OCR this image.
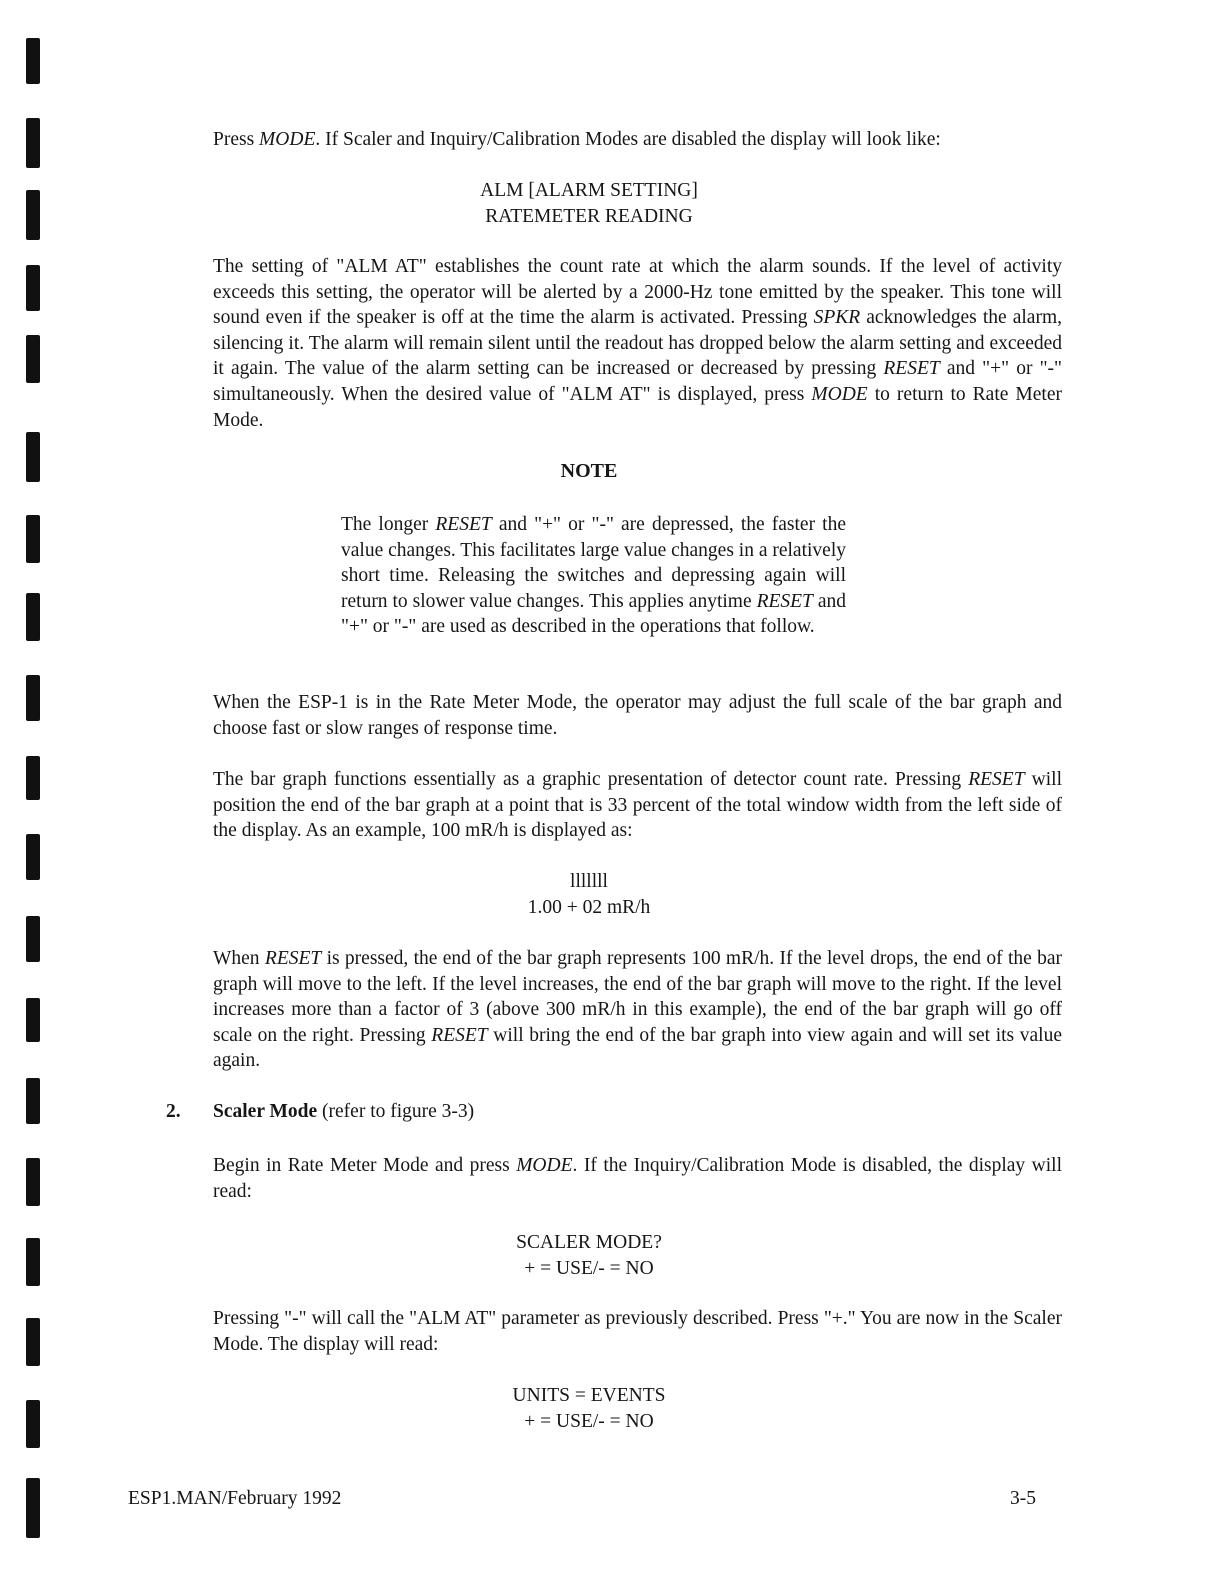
Press MODE. If Scaler and Inquiry/Calibration Modes are disabled the display will look like:

ALM [ALARM SETTING]
RATEMETER READING

The setting of "ALM AT" establishes the count rate at which the alarm sounds. If the level of activity exceeds this setting, the operator will be alerted by a 2000-Hz tone emitted by the speaker. This tone will sound even if the speaker is off at the time the alarm is activated. Pressing SPKR acknowledges the alarm, silencing it. The alarm will remain silent until the readout has dropped below the alarm setting and exceeded it again. The value of the alarm setting can be increased or decreased by pressing RESET and "+" or "-" simultaneously. When the desired value of "ALM AT" is displayed, press MODE to return to Rate Meter Mode.

NOTE

The longer RESET and "+" or "-" are depressed, the faster the value changes. This facilitates large value changes in a relatively short time. Releasing the switches and depressing again will return to slower value changes. This applies anytime RESET and "+" or "-" are used as described in the operations that follow.

When the ESP-1 is in the Rate Meter Mode, the operator may adjust the full scale of the bar graph and choose fast or slow ranges of response time.

The bar graph functions essentially as a graphic presentation of detector count rate. Pressing RESET will position the end of the bar graph at a point that is 33 percent of the total window width from the left side of the display. As an example, 100 mR/h is displayed as:

lllllll
1.00 + 02 mR/h

When RESET is pressed, the end of the bar graph represents 100 mR/h. If the level drops, the end of the bar graph will move to the left. If the level increases, the end of the bar graph will move to the right. If the level increases more than a factor of 3 (above 300 mR/h in this example), the end of the bar graph will go off scale on the right. Pressing RESET will bring the end of the bar graph into view again and will set its value again.

2. Scaler Mode (refer to figure 3-3)

Begin in Rate Meter Mode and press MODE. If the Inquiry/Calibration Mode is disabled, the display will read:

SCALER MODE?
+ = USE/- = NO

Pressing "-" will call the "ALM AT" parameter as previously described. Press "+." You are now in the Scaler Mode. The display will read:

UNITS = EVENTS
+ = USE/- = NO
ESP1.MAN/February 1992	3-5
